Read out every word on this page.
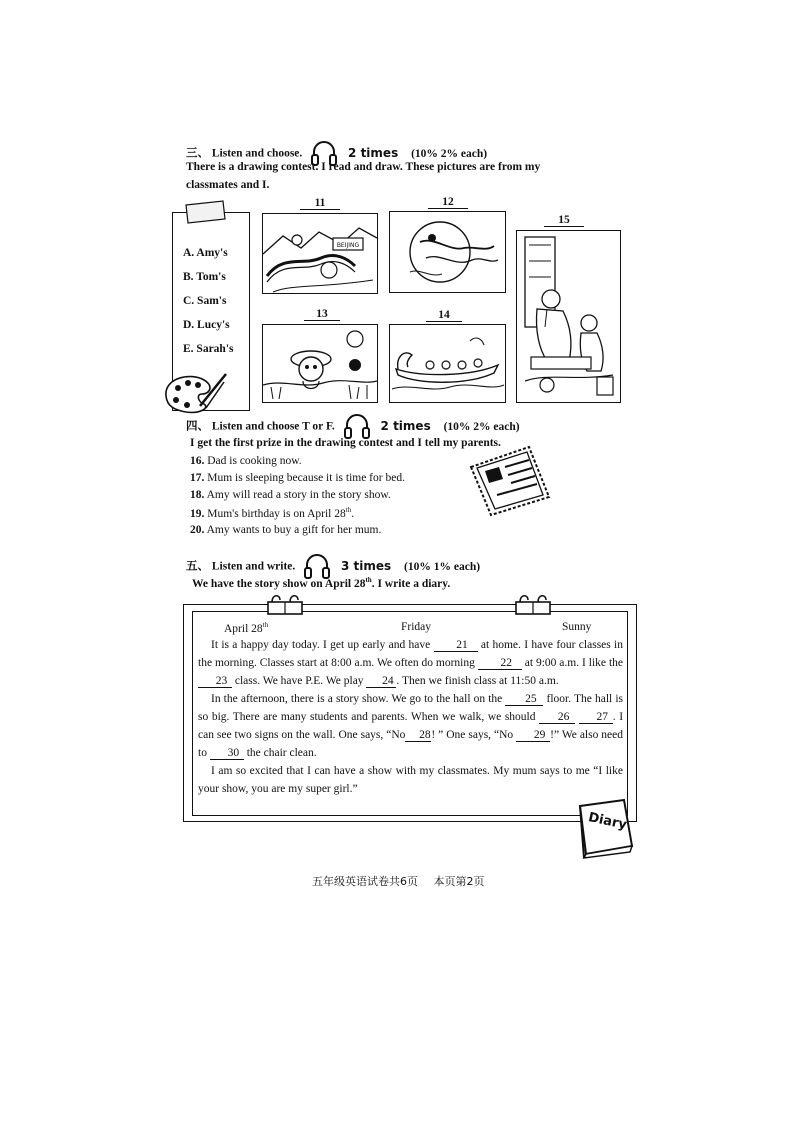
三、 Listen and choose.	2 times (10% 2% each)
There is a drawing contest. I read and draw. These pictures are from my
classmates and I.
A. Amy's
B. Tom's
C. Sam's
D. Lucy's
E. Sarah's
11
BEIJING
12
15
13	14
四、 Listen and choose T or F.	2 times (10% 2% each)
I get the first prize in the drawing contest and I tell my parents.
16. Dad is cooking now.
17. Mum is sleeping because it is time for bed.
18. Amy will read a story in the story show.
19. Mum's birthday is on April 28th.
20. Amy wants to buy a gift for her mum.
五、 Listen and write.	3 times (10% 1% each)
We have the story show on April 28th. I write a diary.
April 28th	Friday	Sunny

It is a happy day today. I get up early and have 21 at home. I have four classes in the morning. Classes start at 8:00 a.m. We often do morning 22 at 9:00 a.m. I like the 23 class. We have P.E. We play 24 . Then we finish class at 11:50 a.m.

In the afternoon, there is a story show. We go to the hall on the 25 floor. The hall is so big. There are many students and parents. When we walk, we should 26 27 . I can see two signs on the wall. One says, “No 28! ” One says, “No 29 !” We also need to 30 the chair clean.

I am so excited that I can have a show with my classmates. My mum says to me “I like your show, you are my super girl.”

Diary
五年级英语试卷共6页 本页第2页
